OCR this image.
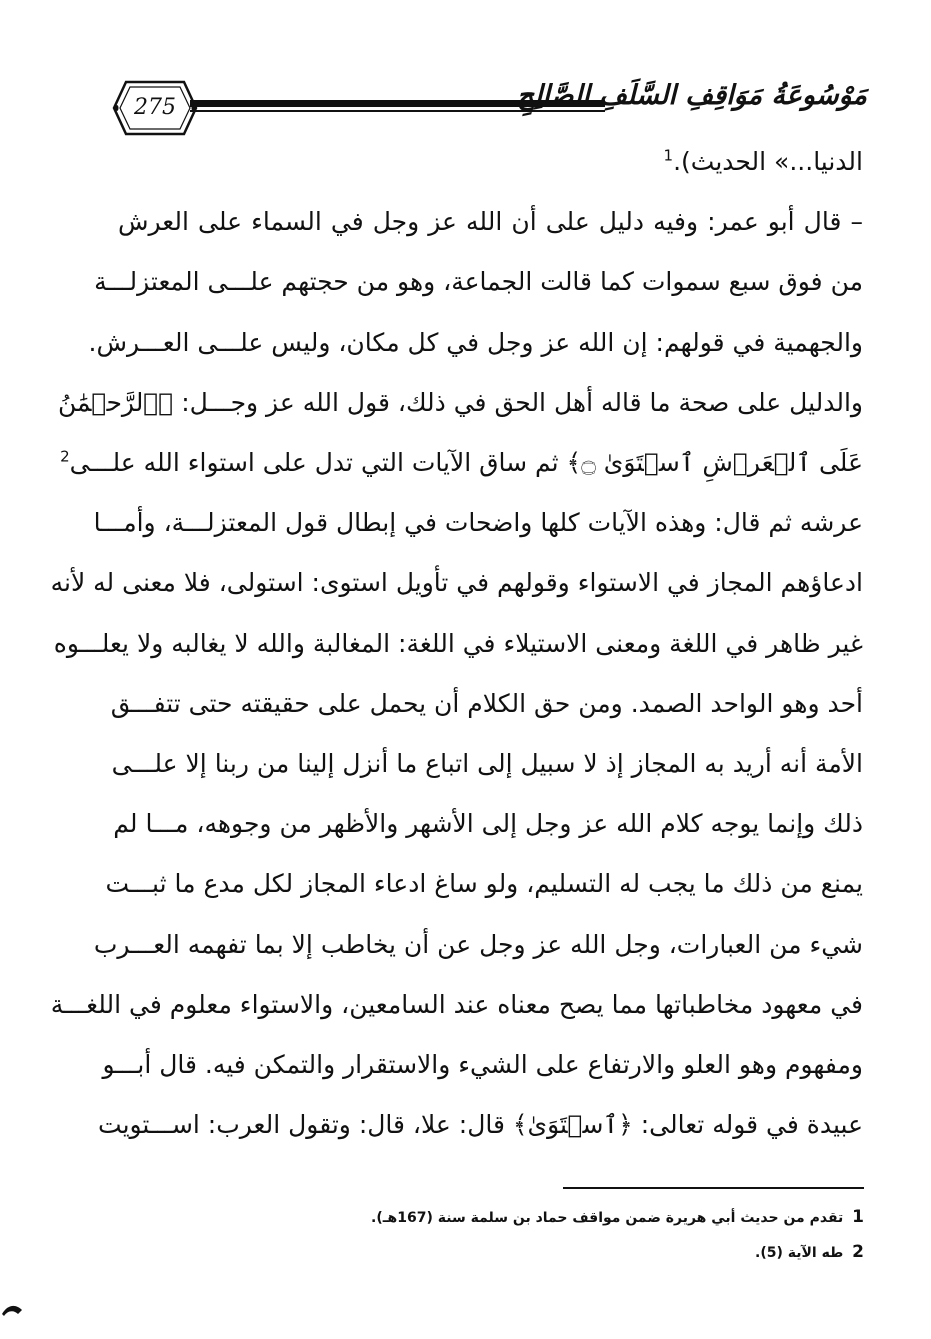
275	مَوْسُوعَةُ مَوَاقِفِ السَّلَفِ الصَّالِحِ
الدنيا...» الحديث).$^1$
– قال أبو عمر: وفيه دليل على أن الله عز وجل في السماء على العرش
من فوق سبع سموات كما قالت الجماعة، وهو من حجتهم علـــى المعتزلـــة
والجهمية في قولهم: إن الله عز وجل في كل مكان، وليس علـــى العـــرش.
والدليل على صحة ما قاله أهل الحق في ذلك، قول الله عز وجـــل: ﴿ٱلرَّحۡمَٰنُ
عَلَى ٱلۡعَرۡشِ ٱسۡتَوَىٰ ۝﴾ ثم ساق الآيات التي تدل على استواء الله علـــى$^2$
عرشه ثم قال: وهذه الآيات كلها واضحات في إبطال قول المعتزلـــة، وأمـــا
ادعاؤهم المجاز في الاستواء وقولهم في تأويل استوى: استولى، فلا معنى له لأنه
غير ظاهر في اللغة ومعنى الاستيلاء في اللغة: المغالبة والله لا يغالبه ولا يعلـــوه
أحد وهو الواحد الصمد. ومن حق الكلام أن يحمل على حقيقته حتى تتفـــق
الأمة أنه أريد به المجاز إذ لا سبيل إلى اتباع ما أنزل إلينا من ربنا إلا علـــى
ذلك وإنما يوجه كلام الله عز وجل إلى الأشهر والأظهر من وجوهه، مـــا لم
يمنع من ذلك ما يجب له التسليم، ولو ساغ ادعاء المجاز لكل مدع ما ثبـــت
شيء من العبارات، وجل الله عز وجل عن أن يخاطب إلا بما تفهمه العـــرب
في معهود مخاطباتها مما يصح معناه عند السامعين، والاستواء معلوم في اللغـــة
ومفهوم وهو العلو والارتفاع على الشيء والاستقرار والتمكن فيه. قال أبـــو
عبيدة في قوله تعالى: ﴿ٱسۡتَوَىٰ﴾ قال: علا، قال: وتقول العرب: اســـتويت
1 تقدم من حديث أبي هريرة ضمن مواقف حماد بن سلمة سنة (167هـ).
2 طه الآية (5).
